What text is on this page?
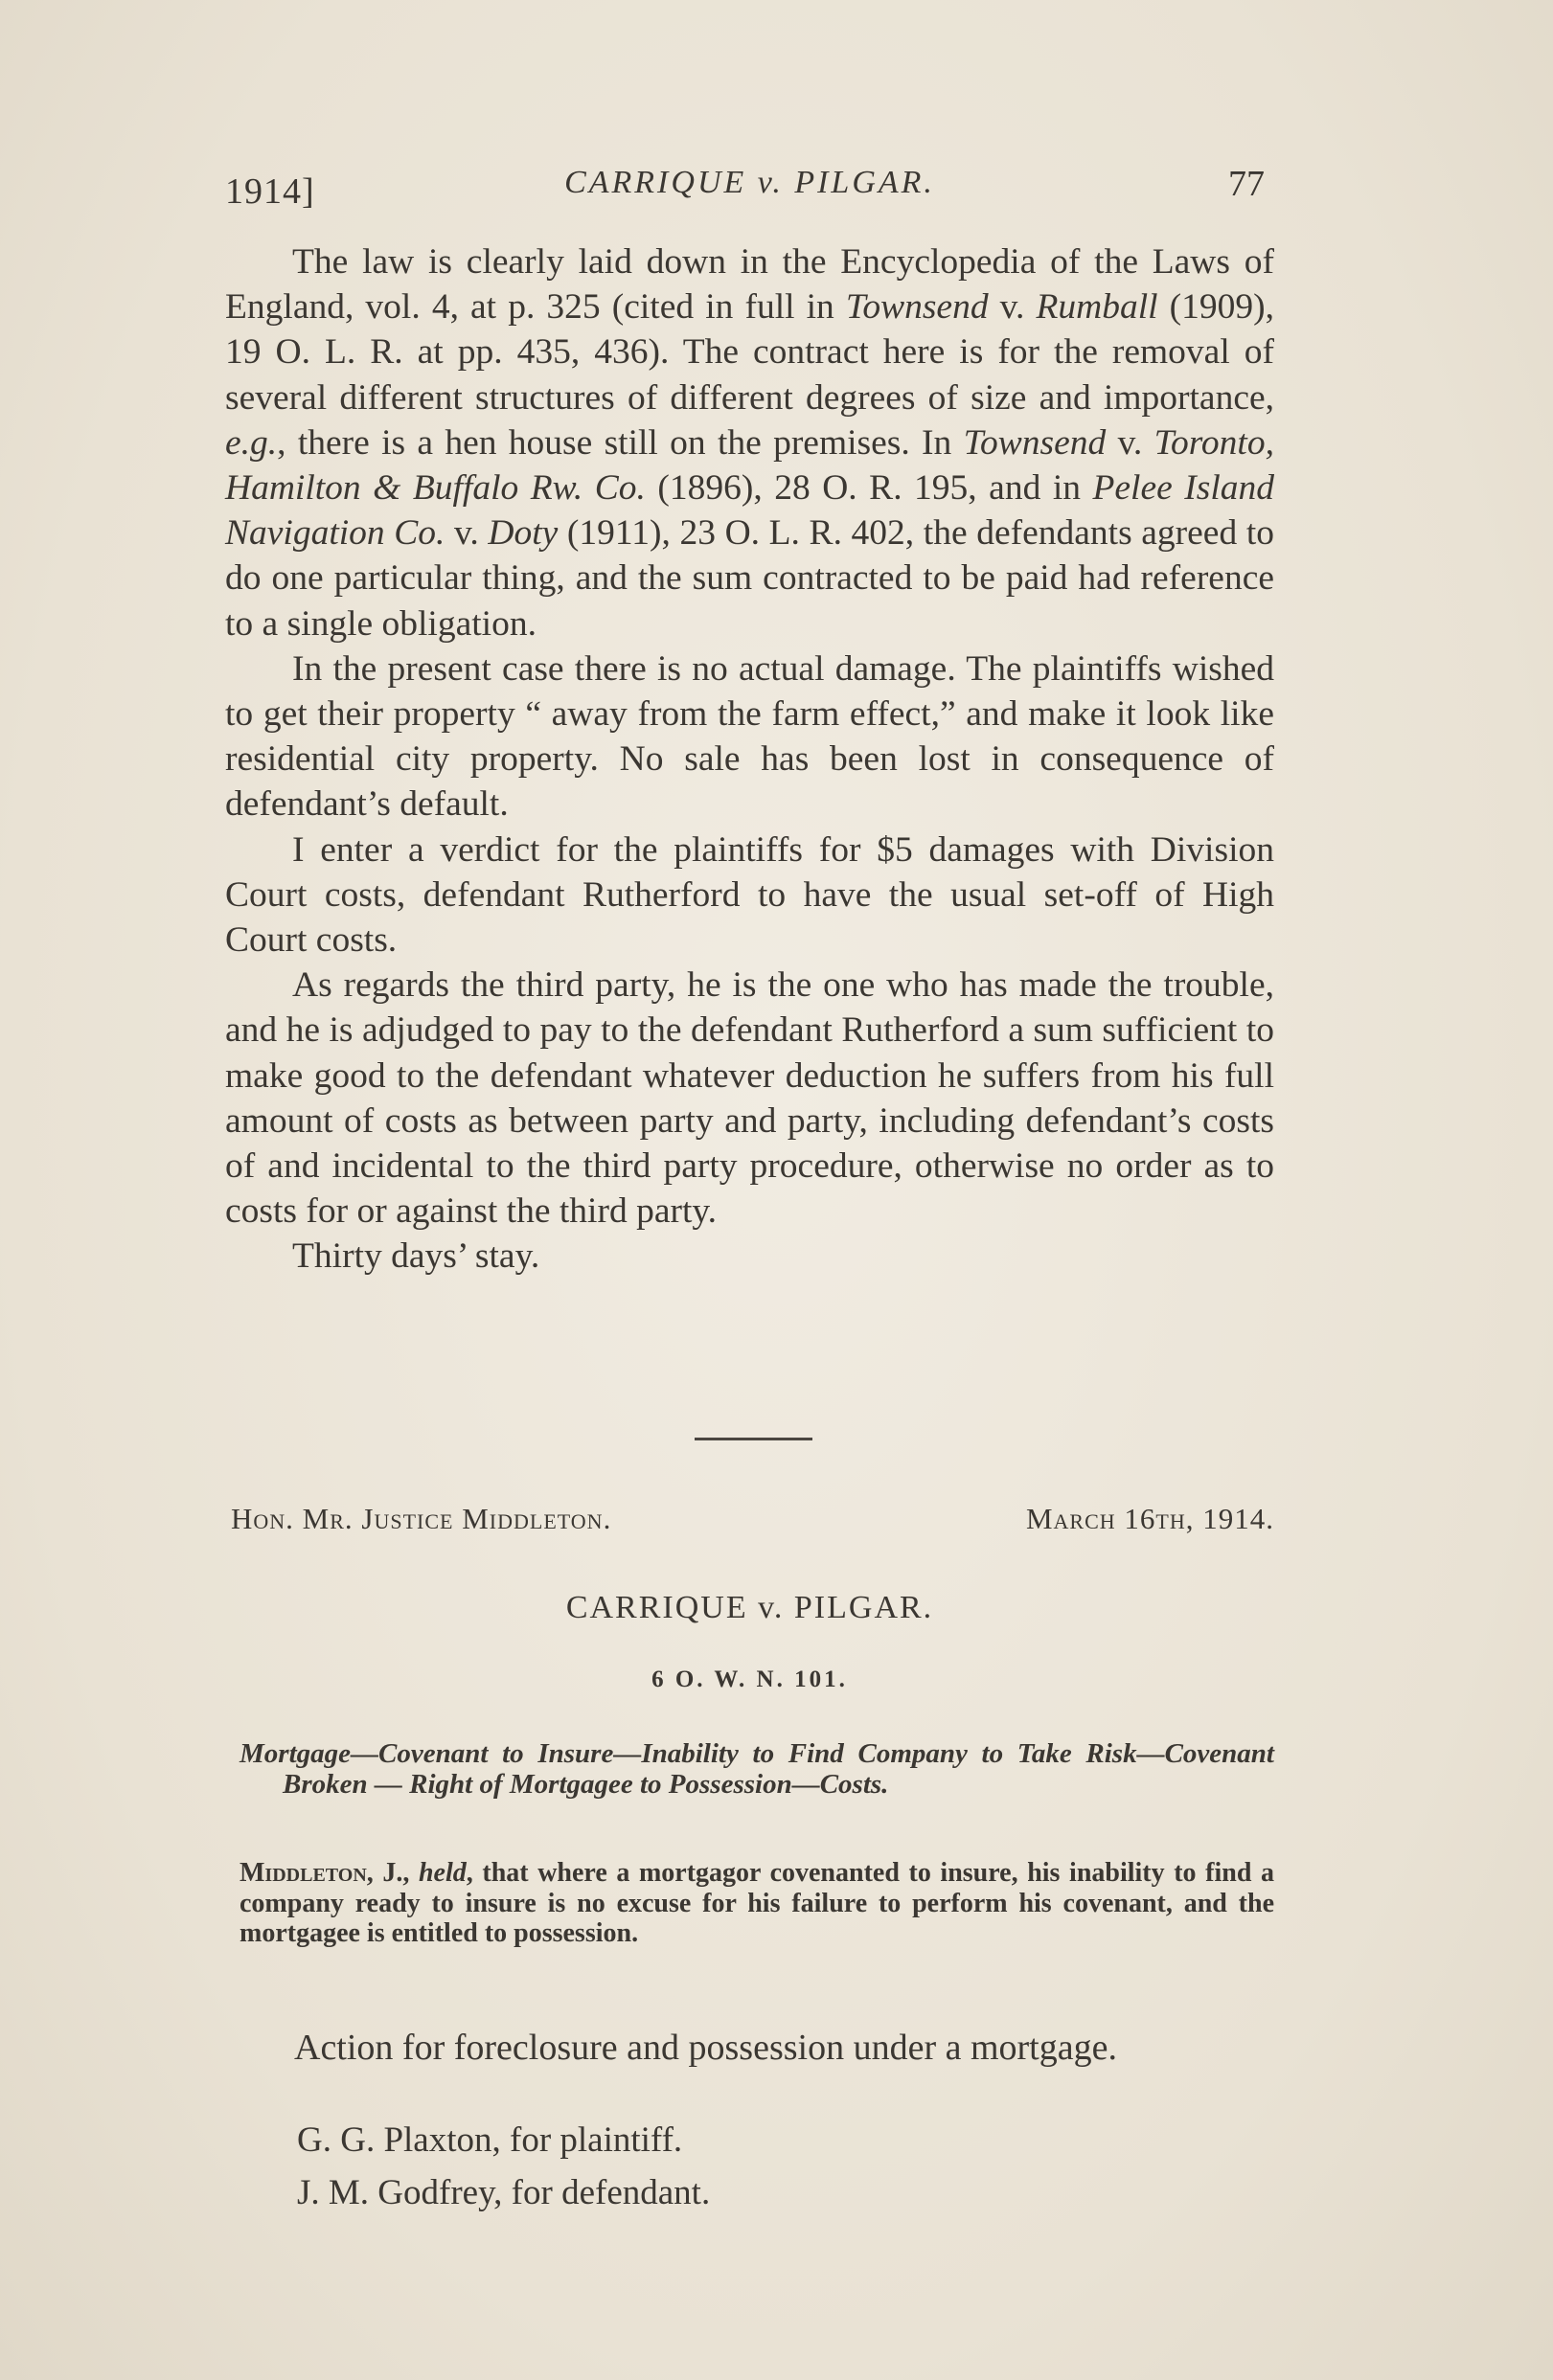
1914]	CARRIQUE v. PILGAR.	77

The law is clearly laid down in the Encyclopedia of the Laws of England, vol. 4, at p. 325 (cited in full in Townsend v. Rumball (1909), 19 O. L. R. at pp. 435, 436). The contract here is for the removal of several different structures of different degrees of size and importance, e.g., there is a hen house still on the premises. In Townsend v. Toronto, Hamilton & Buffalo Rw. Co. (1896), 28 O. R. 195, and in Pelee Island Navigation Co. v. Doty (1911), 23 O. L. R. 402, the defendants agreed to do one particular thing, and the sum contracted to be paid had reference to a single obligation.

In the present case there is no actual damage. The plaintiffs wished to get their property “ away from the farm effect,” and make it look like residential city property. No sale has been lost in consequence of defendant’s default.

I enter a verdict for the plaintiffs for $5 damages with Division Court costs, defendant Rutherford to have the usual set-off of High Court costs.

As regards the third party, he is the one who has made the trouble, and he is adjudged to pay to the defendant Rutherford a sum sufficient to make good to the defendant whatever deduction he suffers from his full amount of costs as between party and party, including defendant’s costs of and incidental to the third party procedure, otherwise no order as to costs for or against the third party.

Thirty days’ stay.

Hon. Mr. Justice Middleton.	March 16th, 1914.
CARRIQUE v. PILGAR.
6 O. W. N. 101.
Mortgage—Covenant to Insure—Inability to Find Company to Take Risk—Covenant Broken — Right of Mortgagee to Possession—Costs.
Middleton, J., held, that where a mortgagor covenanted to insure, his inability to find a company ready to insure is no excuse for his failure to perform his covenant, and the mortgagee is entitled to possession.
Action for foreclosure and possession under a mortgage.
G. G. Plaxton, for plaintiff.
J. M. Godfrey, for defendant.
